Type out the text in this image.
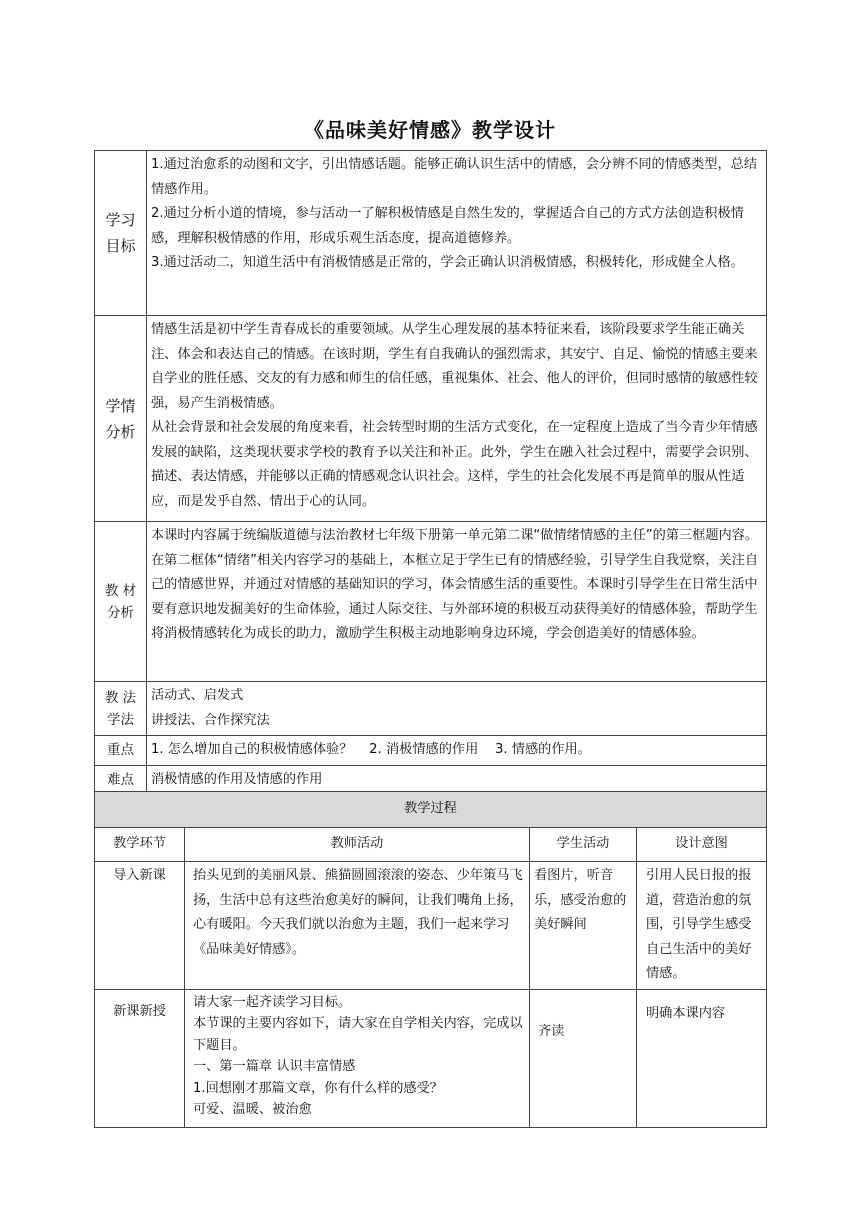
《品味美好情感》教学设计
学习
目标	1.通过治愈系的动图和文字，引出情感话题。能够正确认识生活中的情感，会分辨不同的情感类型，总结情感作用。
2.通过分析小道的情境，参与活动一了解积极情感是自然生发的，掌握适合自己的方式方法创造积极情感，理解积极情感的作用，形成乐观生活态度，提高道德修养。
3.通过活动二，知道生活中有消极情感是正常的，学会正确认识消极情感，积极转化，形成健全人格。

学情
分析	情感生活是初中学生青春成长的重要领域。从学生心理发展的基本特征来看，该阶段要求学生能正确关注、体会和表达自己的情感。在该时期，学生有自我确认的强烈需求，其安宁、自足、愉悦的情感主要来自学业的胜任感、交友的有力感和师生的信任感，重视集体、社会、他人的评价，但同时感情的敏感性较强，易产生消极情感。
从社会背景和社会发展的角度来看，社会转型时期的生活方式变化，在一定程度上造成了当今青少年情感发展的缺陷，这类现状要求学校的教育予以关注和补正。此外，学生在融入社会过程中，需要学会识别、描述、表达情感，并能够以正确的情感观念认识社会。这样，学生的社会化发展不再是简单的服从性适应，而是发乎自然、情出于心的认同。

教 材
分析	本课时内容属于统编版道德与法治教材七年级下册第一单元第二课“做情绪情感的主任”的第三框题内容。在第二框体“情绪”相关内容学习的基础上，本框立足于学生已有的情感经验，引导学生自我觉察，关注自己的情感世界，并通过对情感的基础知识的学习，体会情感生活的重要性。本课时引导学生在日常生活中要有意识地发掘美好的生命体验，通过人际交往、与外部环境的积极互动获得美好的情感体验，帮助学生将消极情感转化为成长的助力，激励学生积极主动地影响身边环境，学会创造美好的情感体验。
教 法
学法	活动式、启发式
讲授法、合作探究法

重点	1. 怎么增加自己的积极情感体验？    2. 消极情感的作用    3. 情感的作用。
难点	消极情感的作用及情感的作用
教学过程			
教学环节	教师活动	学生活动	设计意图
导入新课	抬头见到的美丽风景、熊猫圆圆滚滚的姿态、少年策马飞扬，生活中总有这些治愈美好的瞬间，让我们嘴角上扬，心有暖阳。今天我们就以治愈为主题，我们一起来学习《品味美好情感》。	看图片，听音乐，感受治愈的美好瞬间	引用人民日报的报道，营造治愈的氛围，引导学生感受自己生活中的美好情感。
新课新授	请大家一起齐读学习目标。
本节课的主要内容如下，请大家在自学相关内容，完成以下题目。
一、第一篇章 认识丰富情感
1.回想刚才那篇文章，你有什么样的感受？
可爱、温暖、被治愈	齐读	明确本课内容
